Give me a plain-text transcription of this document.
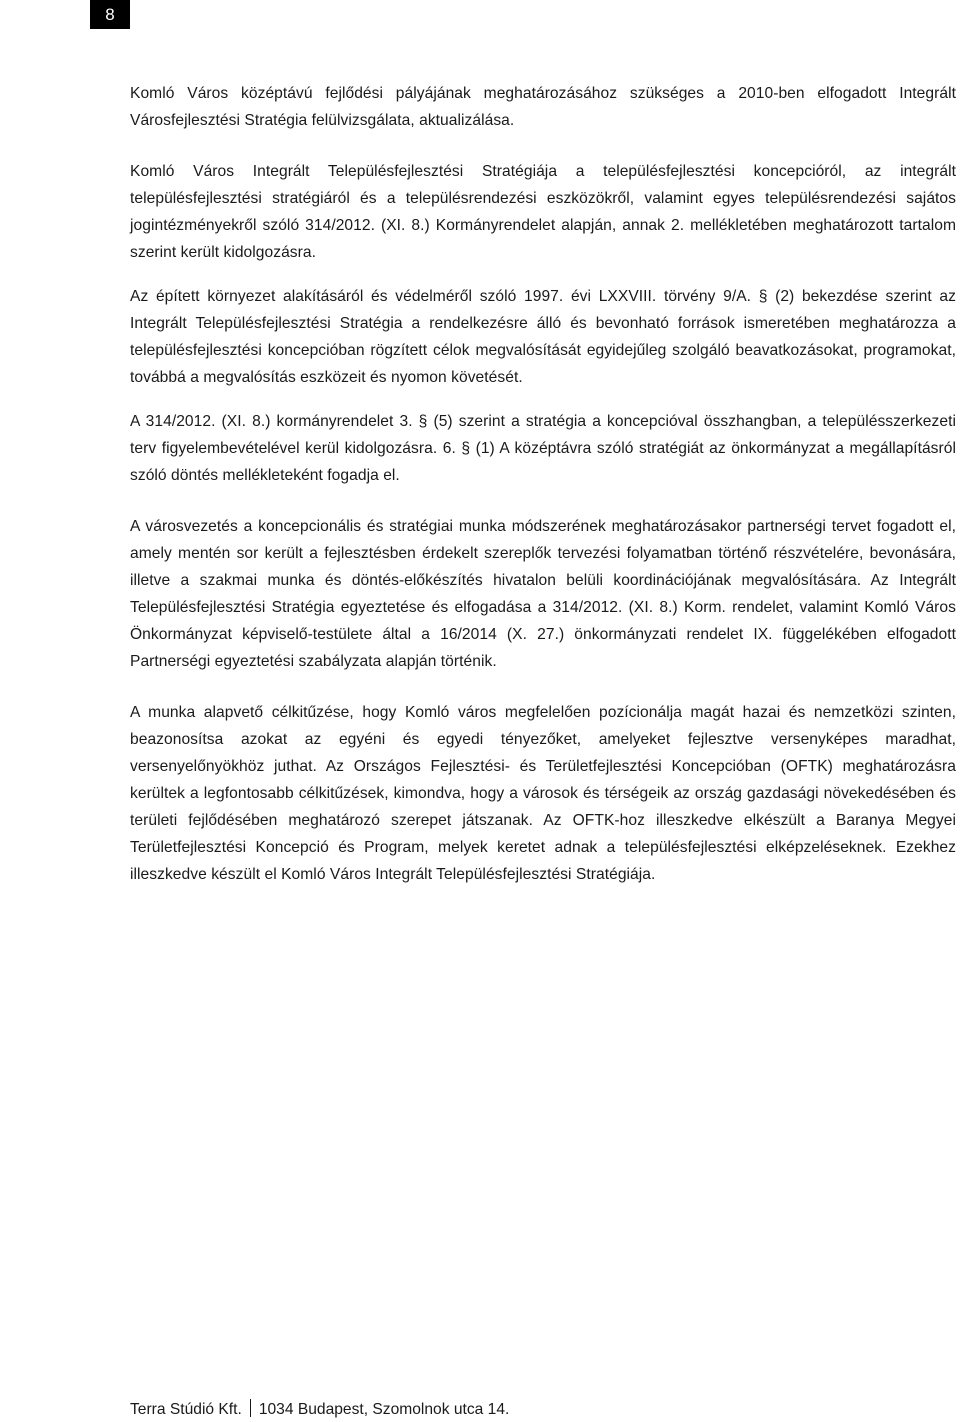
8

Komló Város középtávú fejlődési pályájának meghatározásához szükséges a 2010-ben elfogadott Integrált Városfejlesztési Stratégia felülvizsgálata, aktualizálása.

Komló Város Integrált Településfejlesztési Stratégiája a településfejlesztési koncepcióról, az integrált településfejlesztési stratégiáról és a településrendezési eszközökről, valamint egyes településrendezési sajátos jogintézményekről szóló 314/2012. (XI. 8.) Kormányrendelet alapján, annak 2. mellékletében meghatározott tartalom szerint került kidolgozásra.

Az épített környezet alakításáról és védelméről szóló 1997. évi LXXVIII. törvény 9/A. § (2) bekezdése szerint az Integrált Településfejlesztési Stratégia a rendelkezésre álló és bevonható források ismeretében meghatározza a településfejlesztési koncepcióban rögzített célok megvalósítását egyidejűleg szolgáló beavatkozásokat, programokat, továbbá a megvalósítás eszközeit és nyomon követését.

A 314/2012. (XI. 8.) kormányrendelet 3. § (5) szerint a stratégia a koncepcióval összhangban, a településszerkezeti terv figyelembevételével kerül kidolgozásra. 6. § (1) A középtávra szóló stratégiát az önkormányzat a megállapításról szóló döntés mellékleteként fogadja el.

A városvezetés a koncepcionális és stratégiai munka módszerének meghatározásakor partnerségi tervet fogadott el, amely mentén sor került a fejlesztésben érdekelt szereplők tervezési folyamatban történő részvételére, bevonására, illetve a szakmai munka és döntés-előkészítés hivatalon belüli koordinációjának megvalósítására. Az Integrált Településfejlesztési Stratégia egyeztetése és elfogadása a 314/2012. (XI. 8.) Korm. rendelet, valamint Komló Város Önkormányzat képviselő-testülete által a 16/2014 (X. 27.) önkormányzati rendelet IX. függelékében elfogadott Partnerségi egyeztetési szabályzata alapján történik.

A munka alapvető célkitűzése, hogy Komló város megfelelően pozícionálja magát hazai és nemzetközi szinten, beazonosítsa azokat az egyéni és egyedi tényezőket, amelyeket fejlesztve versenyképes maradhat, versenyelőnyökhöz juthat. Az Országos Fejlesztési- és Területfejlesztési Koncepcióban (OFTK) meghatározásra kerültek a legfontosabb célkitűzések, kimondva, hogy a városok és térségeik az ország gazdasági növekedésében és területi fejlődésében meghatározó szerepet játszanak. Az OFTK-hoz illeszkedve elkészült a Baranya Megyei Területfejlesztési Koncepció és Program, melyek keretet adnak a településfejlesztési elképzeléseknek. Ezekhez illeszkedve készült el Komló Város Integrált Településfejlesztési Stratégiája.

Terra Stúdió Kft. 1034 Budapest, Szomolnok utca 14.
